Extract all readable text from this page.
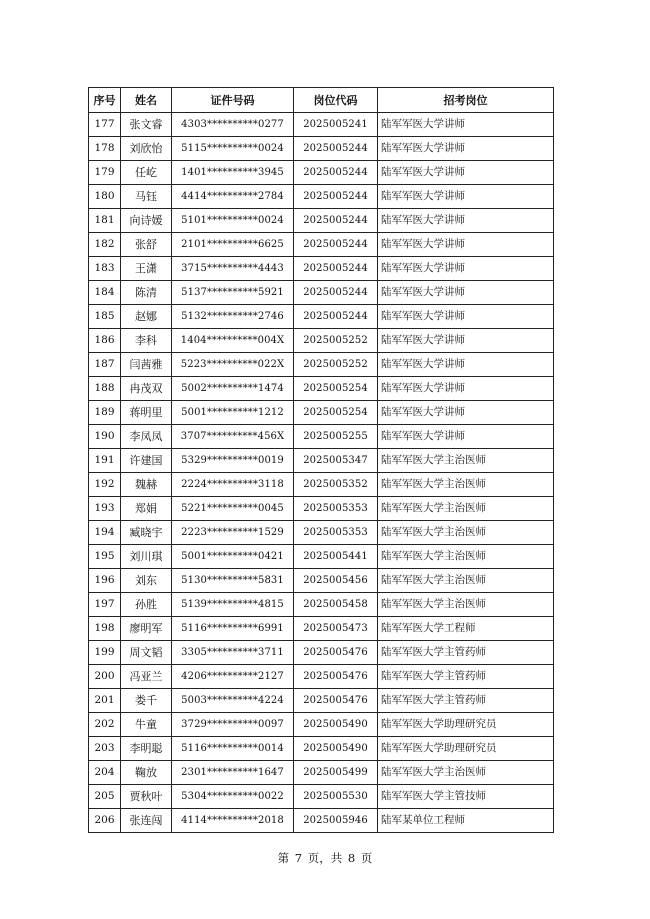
序号	姓名	证件号码	岗位代码	招考岗位
177	张文睿	4303**********0277	2025005241	陆军军医大学讲师
178	刘欣怡	5115**********0024	2025005244	陆军军医大学讲师
179	任屹	1401**********3945	2025005244	陆军军医大学讲师
180	马钰	4414**********2784	2025005244	陆军军医大学讲师
181	向诗媛	5101**********0024	2025005244	陆军军医大学讲师
182	张舒	2101**********6625	2025005244	陆军军医大学讲师
183	王潇	3715**********4443	2025005244	陆军军医大学讲师
184	陈清	5137**********5921	2025005244	陆军军医大学讲师
185	赵娜	5132**********2746	2025005244	陆军军医大学讲师
186	李科	1404**********004X	2025005252	陆军军医大学讲师
187	闫茜雅	5223**********022X	2025005252	陆军军医大学讲师
188	冉茂双	5002**********1474	2025005254	陆军军医大学讲师
189	蒋明里	5001**********1212	2025005254	陆军军医大学讲师
190	李凤凤	3707**********456X	2025005255	陆军军医大学讲师
191	许建国	5329**********0019	2025005347	陆军军医大学主治医师
192	魏赫	2224**********3118	2025005352	陆军军医大学主治医师
193	郑娟	5221**********0045	2025005353	陆军军医大学主治医师
194	臧晓宇	2223**********1529	2025005353	陆军军医大学主治医师
195	刘川琪	5001**********0421	2025005441	陆军军医大学主治医师
196	刘东	5130**********5831	2025005456	陆军军医大学主治医师
197	孙胜	5139**********4815	2025005458	陆军军医大学主治医师
198	廖明军	5116**********6991	2025005473	陆军军医大学工程师
199	周文韬	3305**********3711	2025005476	陆军军医大学主管药师
200	冯亚兰	4206**********2127	2025005476	陆军军医大学主管药师
201	娄千	5003**********4224	2025005476	陆军军医大学主管药师
202	牛童	3729**********0097	2025005490	陆军军医大学助理研究员
203	李明聪	5116**********0014	2025005490	陆军军医大学助理研究员
204	鞠放	2301**********1647	2025005499	陆军军医大学主治医师
205	贾秋叶	5304**********0022	2025005530	陆军军医大学主管技师
206	张连闯	4114**********2018	2025005946	陆军某单位工程师
第 7 页，共 8 页
